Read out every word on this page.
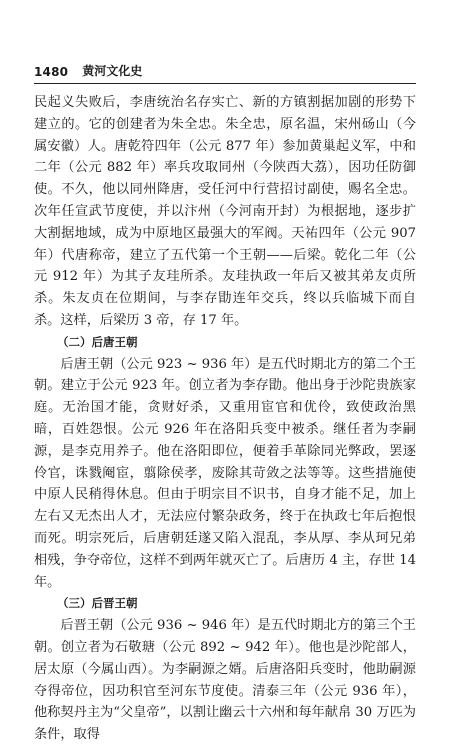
1480 黄河文化史

民起义失败后，李唐统治名存实亡、新的方镇割据加剧的形势下建立的。它的创建者为朱全忠。朱全忠，原名温，宋州砀山（今属安徽）人。唐乾符四年（公元 877 年）参加黄巢起义军，中和二年（公元 882 年）率兵攻取同州（今陕西大荔），因功任防御使。不久，他以同州降唐，受任河中行营招讨副使，赐名全忠。次年任宣武节度使，并以汴州（今河南开封）为根据地，逐步扩大割据地域，成为中原地区最强大的军阀。天祐四年（公元 907 年）代唐称帝，建立了五代第一个王朝——后梁。乾化二年（公元 912 年）为其子友珪所杀。友珪执政一年后又被其弟友贞所杀。朱友贞在位期间，与李存勖连年交兵，终以兵临城下而自杀。这样，后梁历 3 帝，存 17 年。

（二）后唐王朝

后唐王朝（公元 923 ~ 936 年）是五代时期北方的第二个王朝。建立于公元 923 年。创立者为李存勖。他出身于沙陀贵族家庭。无治国才能，贪财好杀，又重用宦官和优伶，致使政治黑暗，百姓怨恨。公元 926 年在洛阳兵变中被杀。继任者为李嗣源，是李克用养子。他在洛阳即位，便着手革除同光弊政，罢逐伶官，诛戮阉宦，翦除侯孝，废除其苛敛之法等等。这些措施使中原人民稍得休息。但由于明宗目不识书，自身才能不足，加上左右又无杰出人才，无法应付繁杂政务，终于在执政七年后抱恨而死。明宗死后，后唐朝廷遂又陷入混乱，李从厚、李从珂兄弟相残，争夺帝位，这样不到两年就灭亡了。后唐历 4 主，存世 14 年。

（三）后晋王朝

后晋王朝（公元 936 ~ 946 年）是五代时期北方的第三个王朝。创立者为石敬瑭（公元 892 ~ 942 年）。他也是沙陀部人，居太原（今属山西）。为李嗣源之婿。后唐洛阳兵变时，他助嗣源夺得帝位，因功积官至河东节度使。清泰三年（公元 936 年），他称契丹主为“父皇帝”，以割让幽云十六州和每年献帛 30 万匹为条件，取得
